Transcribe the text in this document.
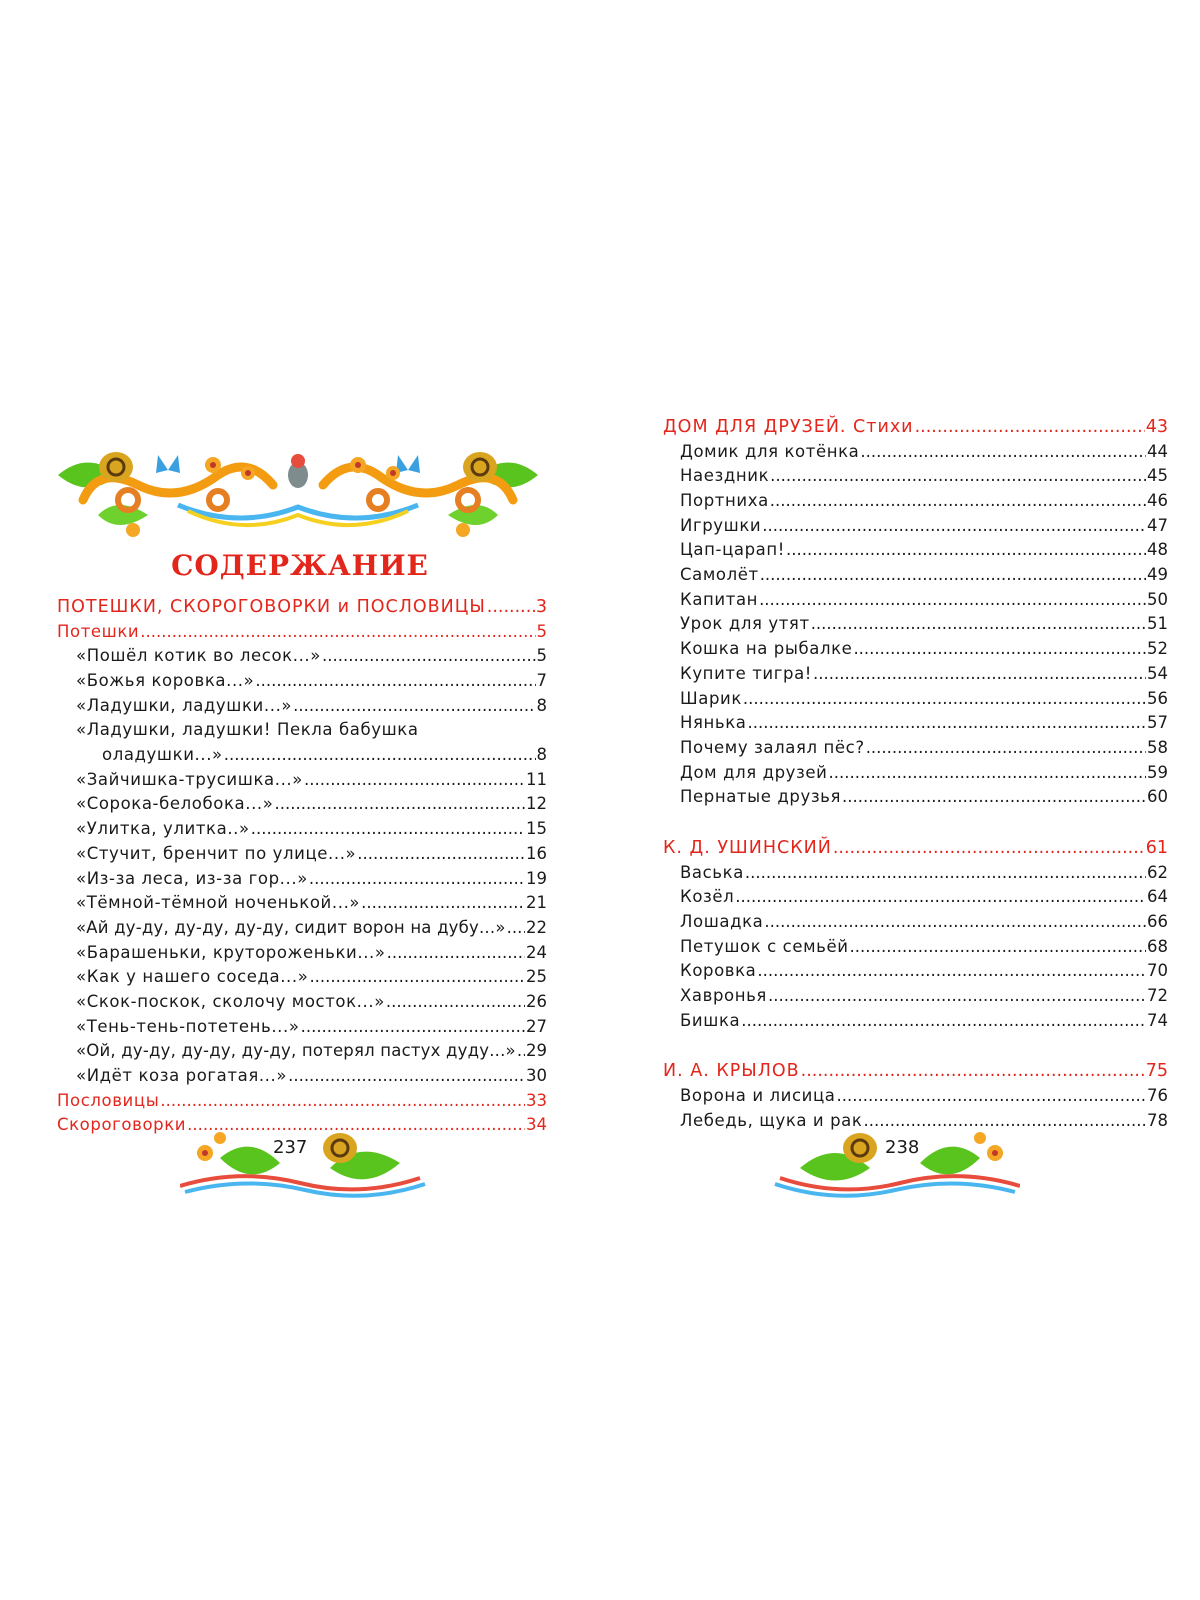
СОДЕРЖАНИЕ
ПОТЕШКИ, СКОРОГОВОРКИ и ПОСЛОВИЦЫ .....	3
Потешки .....	5
«Пошёл котик во лесок...» .....	5
«Божья коровка...» .....	7
«Ладушки, ладушки...» .....	8
«Ладушки, ладушки! Пекла бабушка
оладушки...» .....	8
«Зайчишка-трусишка...» .....	11
«Сорока-белобока...» .....	12
«Улитка, улитка..» .....	15
«Стучит, бренчит по улице...» .....	16
«Из-за леса, из-за гор...» .....	19
«Тёмной-тёмной ноченькой...» .....	21
«Ай ду-ду, ду-ду, ду-ду, сидит ворон на дубу...» ..... 22
«Барашеньки, крутороженьки...» .....	24
«Как у нашего соседа...» .....	25
«Скок-поскок, сколочу мосток...» .....	26
«Тень-тень-потетень...» .....	27
«Ой, ду-ду, ду-ду, ду-ду, потерял пастух дуду...» ..... 29
«Идёт коза рогатая...» .....	30
Пословицы .....	33
Скороговорки .....	34
237
ДОМ ДЛЯ ДРУЗЕЙ. Стихи .....	43
Домик для котёнка .....	44
Наездник .....	45
Портниха .....	46
Игрушки .....	47
Цап-царап! .....	48
Самолёт .....	49
Капитан .....	50
Урок для утят .....	51
Кошка на рыбалке .....	52
Купите тигра! .....	54
Шарик .....	56
Нянька .....	57
Почему залаял пёс? .....	58
Дом для друзей .....	59
Пернатые друзья .....	60
К. Д. УШИНСКИЙ .....	61
Васька .....	62
Козёл .....	64
Лошадка .....	66
Петушок с семьёй .....	68
Коровка .....	70
Хавронья .....	72
Бишка .....	74
И. А. КРЫЛОВ .....	75
Ворона и лисица .....	76
Лебедь, щука и рак .....	78
238
